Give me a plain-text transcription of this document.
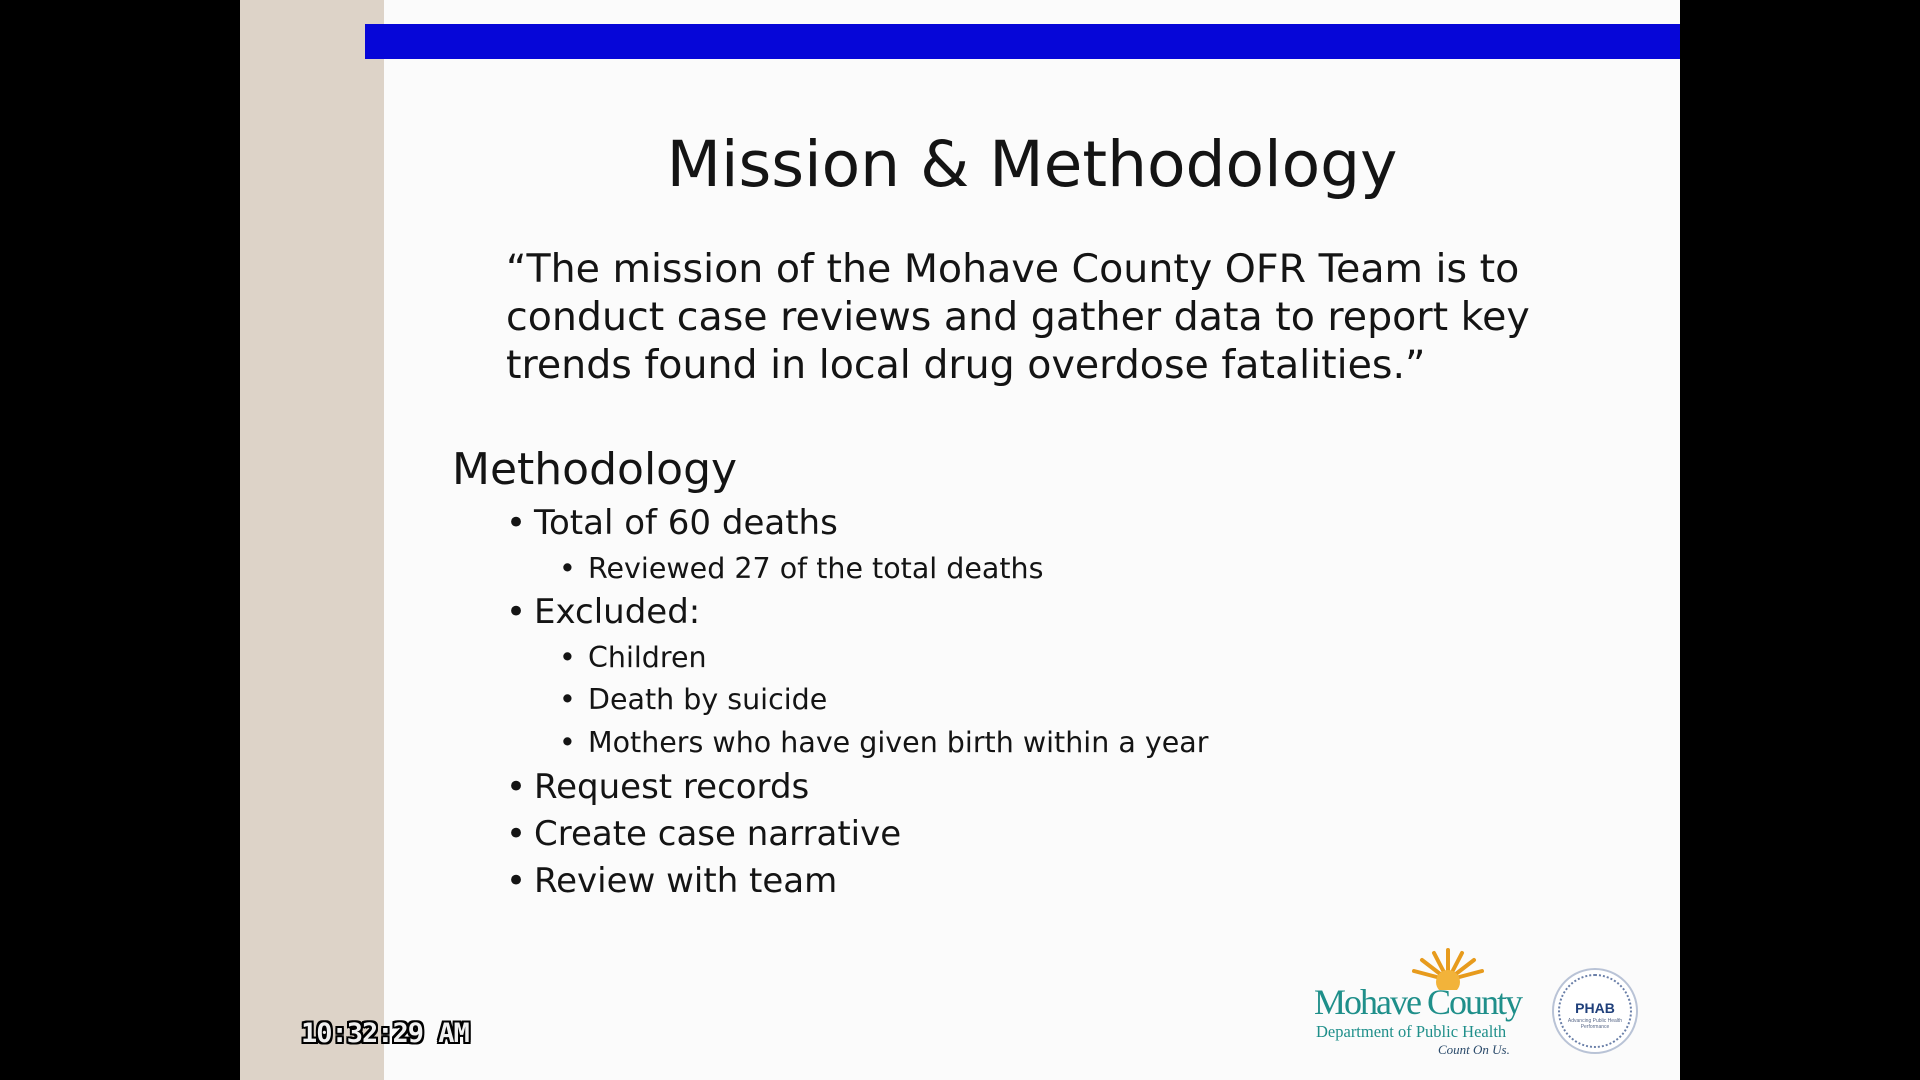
Mission & Methodology

“The mission of the Mohave County OFR Team is to
conduct case reviews and gather data to report key
trends found in local drug overdose fatalities.”

Methodology
• Total of 60 deaths
• Reviewed 27 of the total deaths
• Excluded:
• Children
• Death by suicide
• Mothers who have given birth within a year
• Request records
• Create case narrative
• Review with team
10:32:29 AM
Mohave County
Department of Public Health
Count On Us.
PHAB
Advancing Public Health Performance
